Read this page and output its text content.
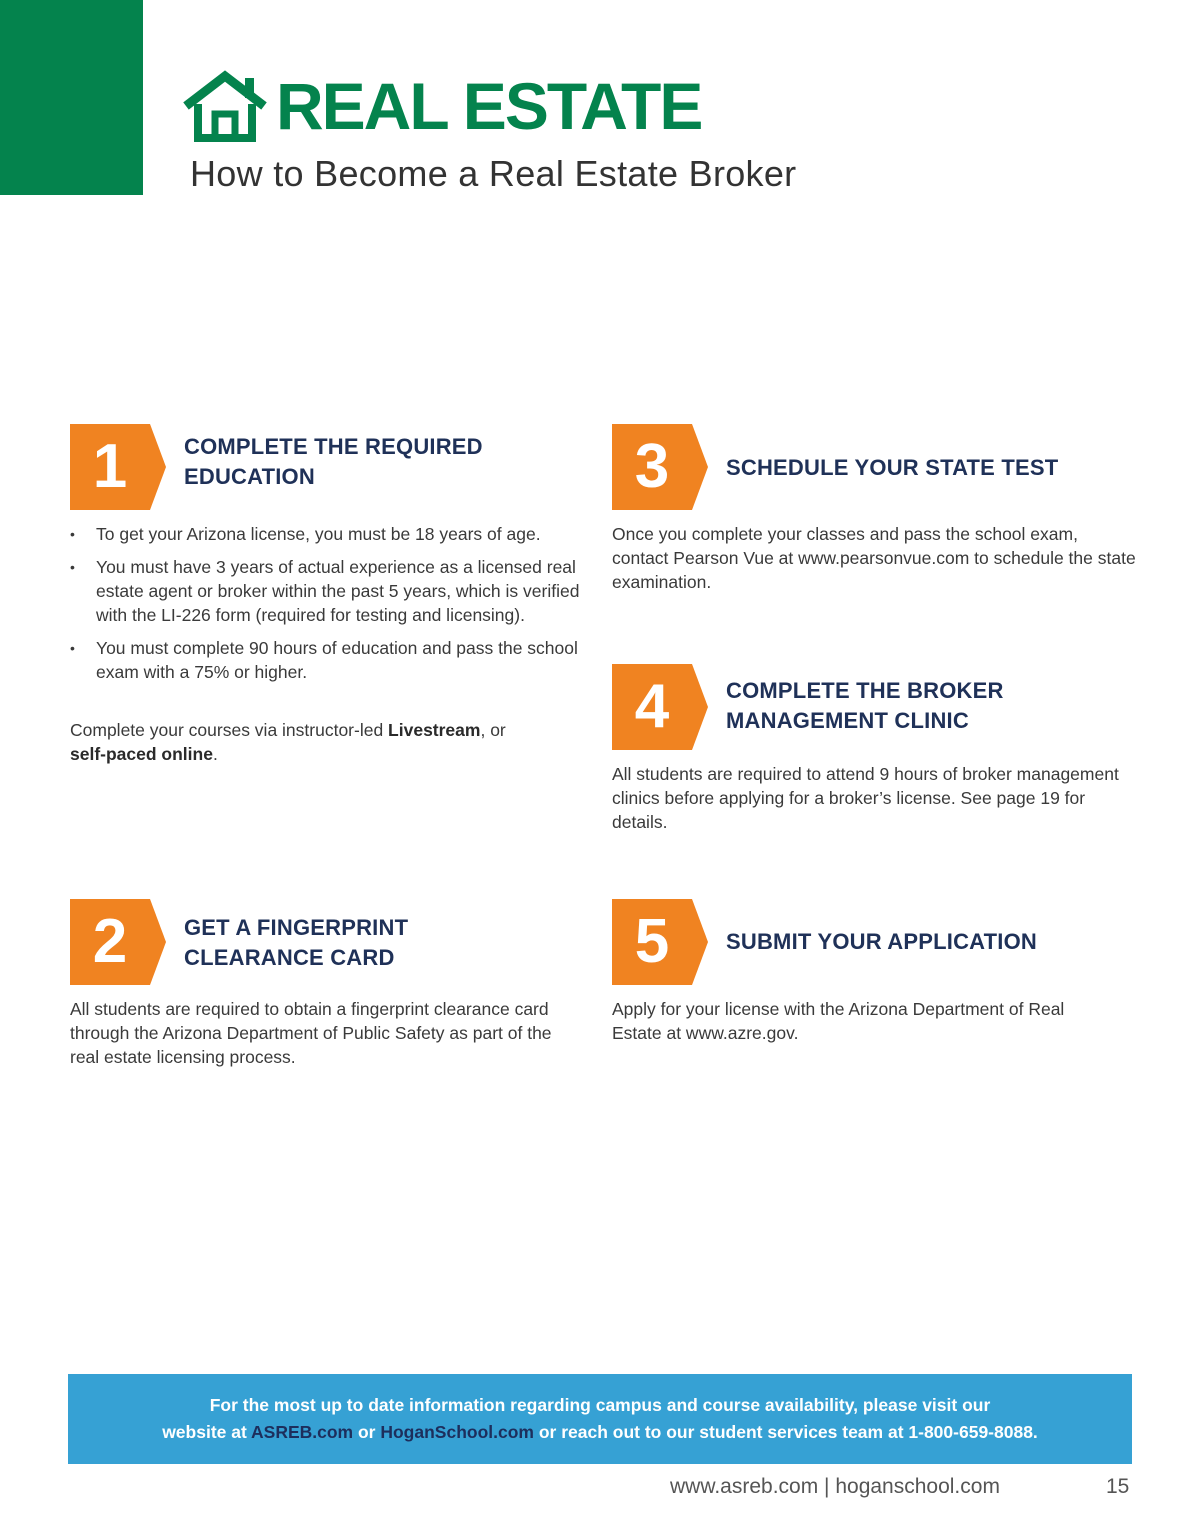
REAL ESTATE
How to Become a Real Estate Broker
1	COMPLETE THE REQUIRED
EDUCATION
• To get your Arizona license, you must be 18 years of age.
• You must have 3 years of actual experience as a licensed real estate agent or broker within the past 5 years, which is verified with the LI-226 form (required for testing and licensing).
• You must complete 90 hours of education and pass the school exam with a 75% or higher.
Complete your courses via instructor-led Livestream, or
self-paced online.
2	GET A FINGERPRINT
CLEARANCE CARD
All students are required to obtain a fingerprint clearance card through the Arizona Department of Public Safety as part of the real estate licensing process.
3	SCHEDULE YOUR STATE TEST
Once you complete your classes and pass the school exam, contact Pearson Vue at www.pearsonvue.com to schedule the state examination.
4	COMPLETE THE BROKER
MANAGEMENT CLINIC
All students are required to attend 9 hours of broker management clinics before applying for a broker’s license. See page 19 for details.
5	SUBMIT YOUR APPLICATION
Apply for your license with the Arizona Department of Real Estate at www.azre.gov.
For the most up to date information regarding campus and course availability, please visit our
website at ASREB.com or HoganSchool.com or reach out to our student services team at 1-800-659-8088.
www.asreb.com | hoganschool.com	15
